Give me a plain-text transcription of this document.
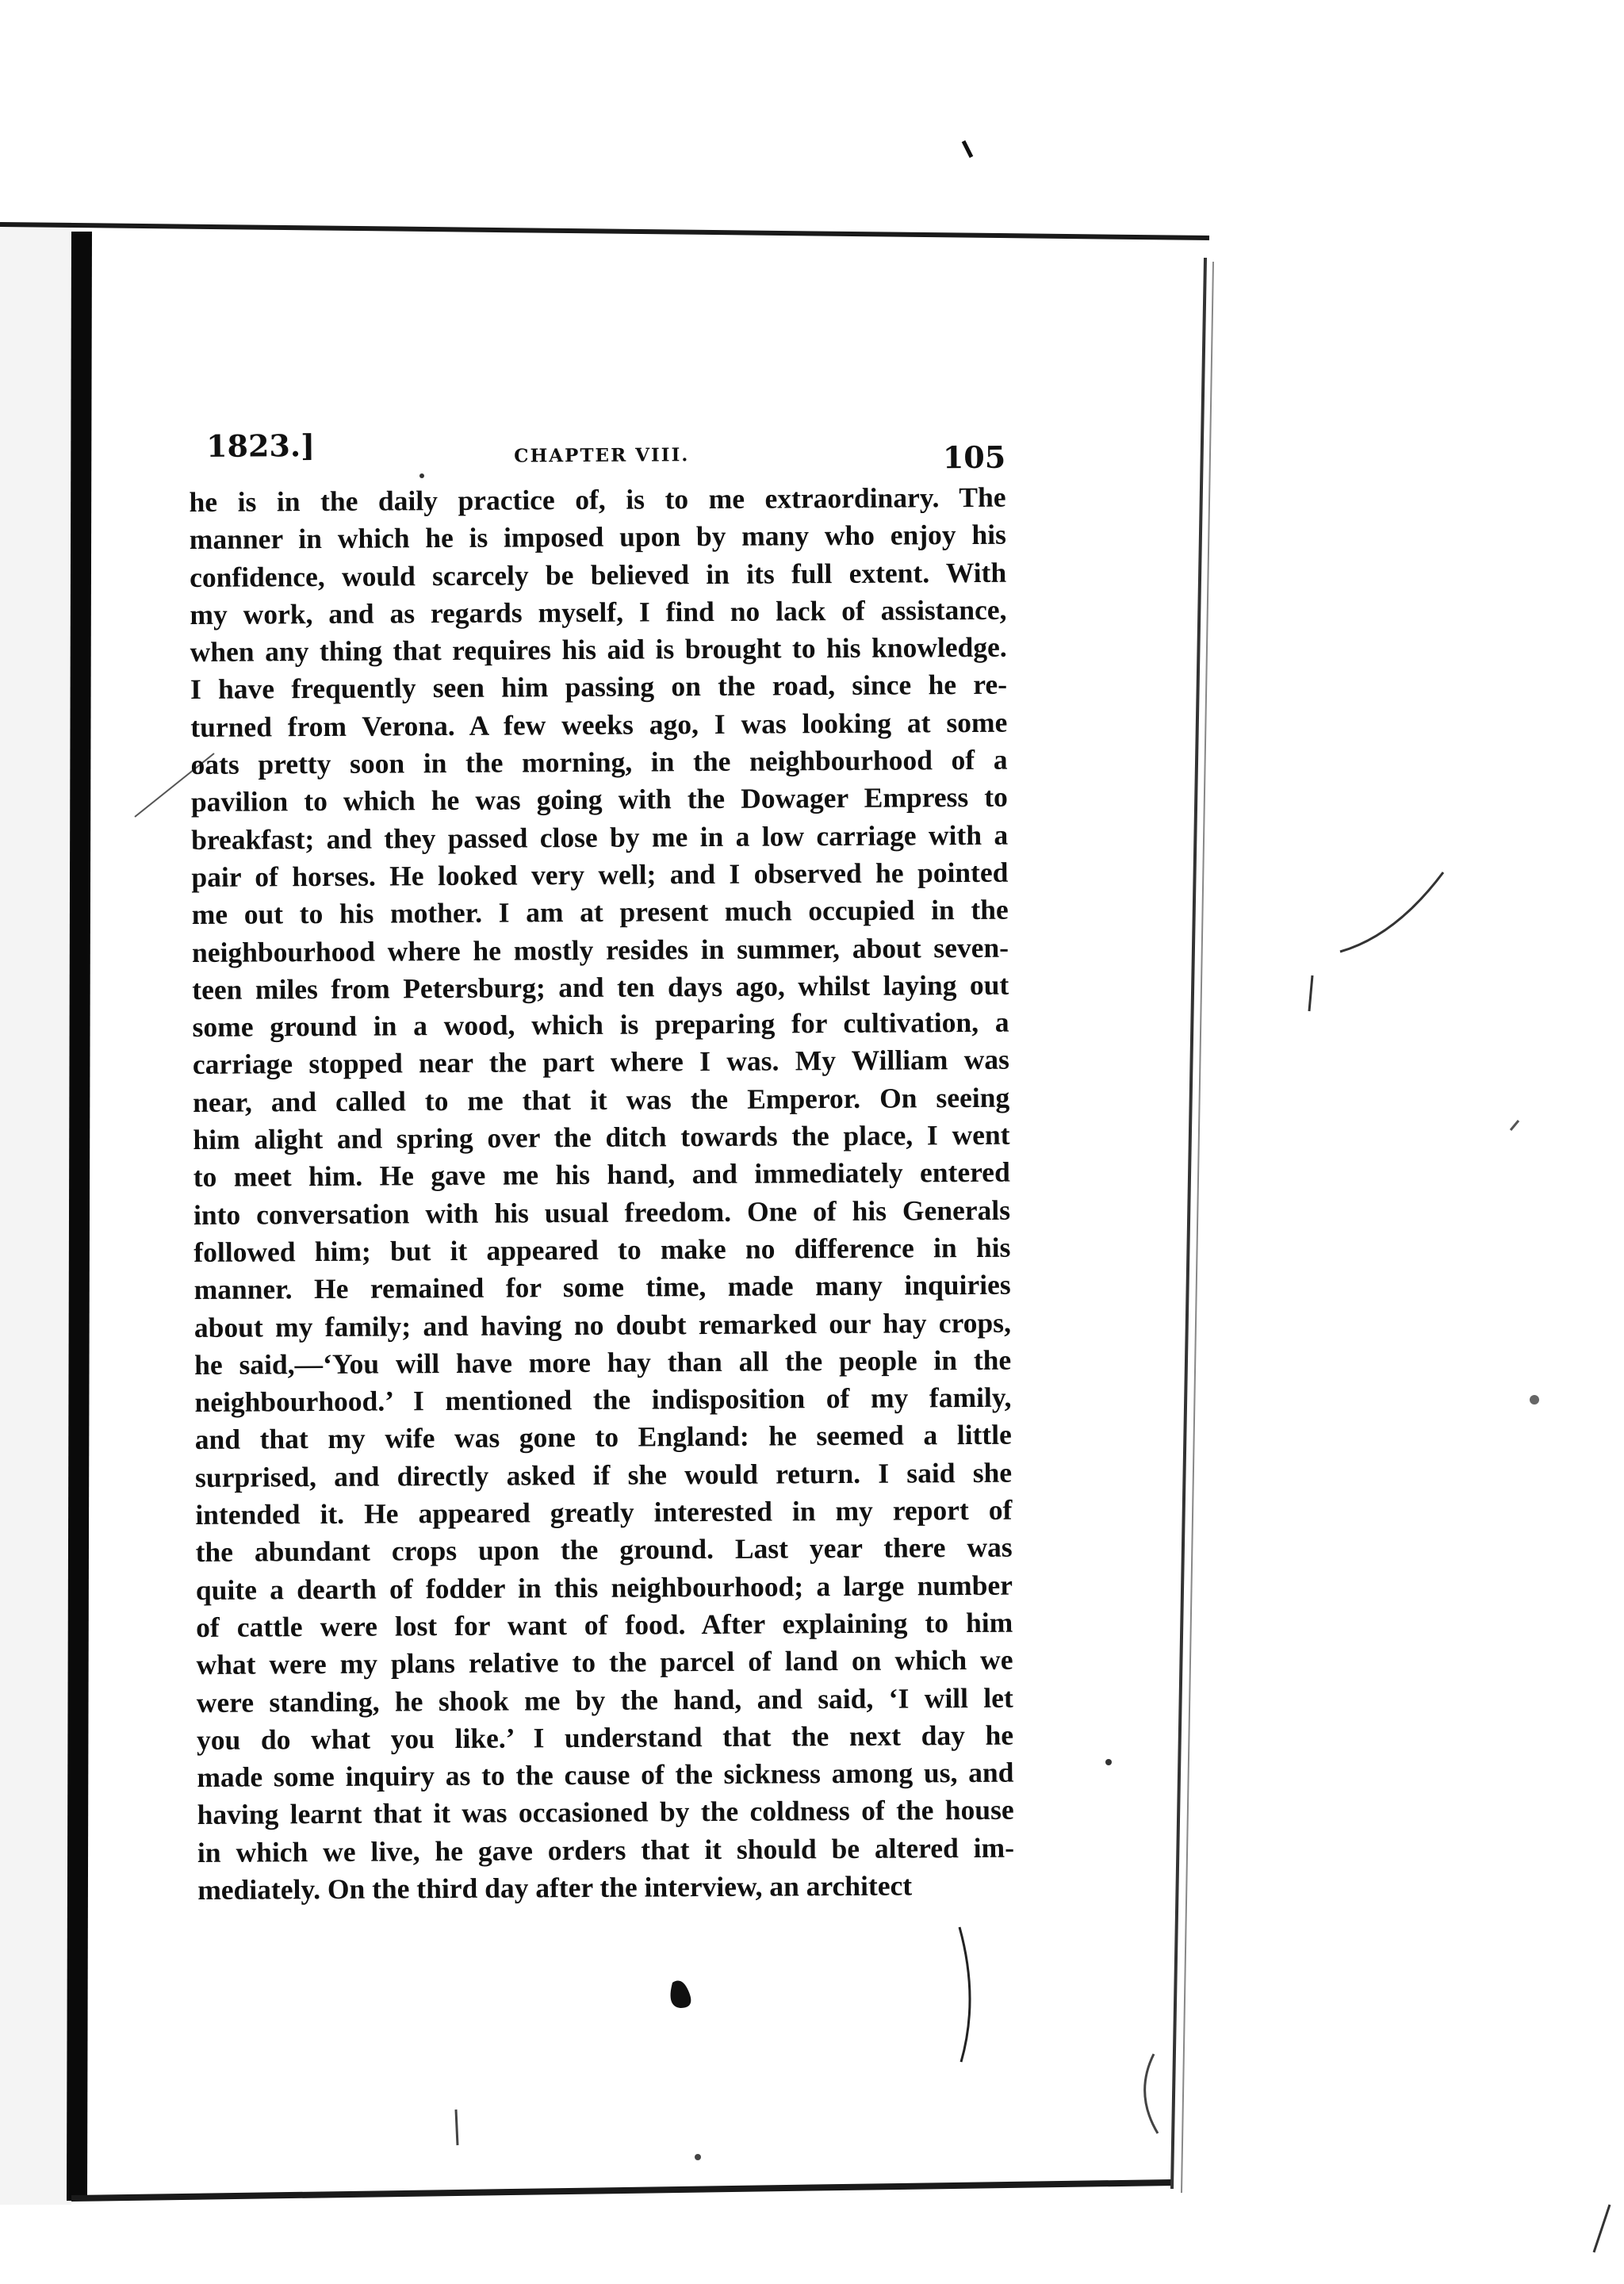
1823.]	CHAPTER VIII.	105
he is in the daily practice of, is to me extraordinary. The
manner in which he is imposed upon by many who enjoy his
confidence, would scarcely be believed in its full extent. With
my work, and as regards myself, I find no lack of assistance,
when any thing that requires his aid is brought to his knowledge.
I have frequently seen him passing on the road, since he re-
turned from Verona. A few weeks ago, I was looking at some
oats pretty soon in the morning, in the neighbourhood of a
pavilion to which he was going with the Dowager Empress to
breakfast; and they passed close by me in a low carriage with a
pair of horses. He looked very well; and I observed he pointed
me out to his mother. I am at present much occupied in the
neighbourhood where he mostly resides in summer, about seven-
teen miles from Petersburg; and ten days ago, whilst laying out
some ground in a wood, which is preparing for cultivation, a
carriage stopped near the part where I was. My William was
near, and called to me that it was the Emperor. On seeing
him alight and spring over the ditch towards the place, I went
to meet him. He gave me his hand, and immediately entered
into conversation with his usual freedom. One of his Generals
followed him; but it appeared to make no difference in his
manner. He remained for some time, made many inquiries
about my family; and having no doubt remarked our hay crops,
he said,—‘You will have more hay than all the people in the
neighbourhood.’ I mentioned the indisposition of my family,
and that my wife was gone to England: he seemed a little
surprised, and directly asked if she would return. I said she
intended it. He appeared greatly interested in my report of
the abundant crops upon the ground. Last year there was
quite a dearth of fodder in this neighbourhood; a large number
of cattle were lost for want of food. After explaining to him
what were my plans relative to the parcel of land on which we
were standing, he shook me by the hand, and said, ‘I will let
you do what you like.’ I understand that the next day he
made some inquiry as to the cause of the sickness among us, and
having learnt that it was occasioned by the coldness of the house
in which we live, he gave orders that it should be altered im-
mediately. On the third day after the interview, an architect
